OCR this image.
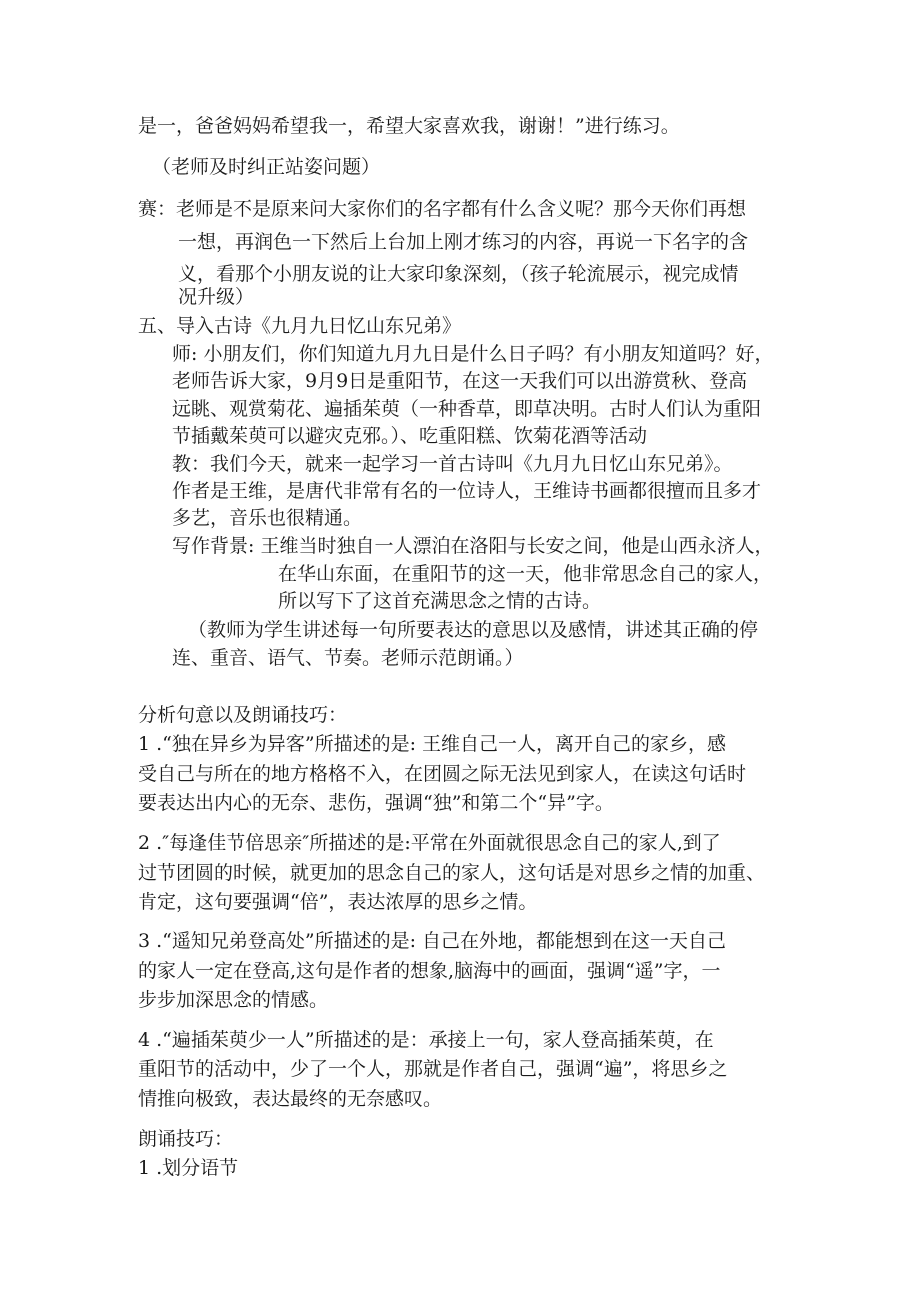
是一，爸爸妈妈希望我一，希望大家喜欢我，谢谢！”进行练习。
（老师及时纠正站姿问题）
赛：老师是不是原来问大家你们的名字都有什么含义呢？那今天你们再想
一想，再润色一下然后上台加上刚才练习的内容，再说一下名字的含
义，看那个小朋友说的让大家印象深刻，（孩子轮流展示，视完成情
况升级）
五、导入古诗《九月九日忆山东兄弟》
师: 小朋友们，你们知道九月九日是什么日子吗？有小朋友知道吗？好，
老师告诉大家，9月9日是重阳节，在这一天我们可以出游赏秋、登高
远眺、观赏菊花、遍插茱萸（一种香草，即草决明。古时人们认为重阳
节插戴茱萸可以避灾克邪。）、吃重阳糕、饮菊花酒等活动
教：我们今天，就来一起学习一首古诗叫《九月九日忆山东兄弟》。
作者是王维，是唐代非常有名的一位诗人，王维诗书画都很擅而且多才
多艺，音乐也很精通。
写作背景: 王维当时独自一人漂泊在洛阳与长安之间，他是山西永济人，
在华山东面，在重阳节的这一天，他非常思念自己的家人，
所以写下了这首充满思念之情的古诗。
（教师为学生讲述每一句所要表达的意思以及感情，讲述其正确的停
连、重音、语气、节奏。老师示范朗诵。）
分析句意以及朗诵技巧：
1 .“独在异乡为异客”所描述的是: 王维自己一人，离开自己的家乡，感
受自己与所在的地方格格不入，在团圆之际无法见到家人，在读这句话时
要表达出内心的无奈、悲伤，强调“独”和第二个“异”字。
2 .″每逢佳节倍思亲″所描述的是:平常在外面就很思念自己的家人,到了
过节团圆的时候，就更加的思念自己的家人，这句话是对思乡之情的加重、
肯定，这句要强调“倍”，表达浓厚的思乡之情。
3 .“遥知兄弟登高处”所描述的是: 自己在外地，都能想到在这一天自己
的家人一定在登高,这句是作者的想象,脑海中的画面，强调“遥”字，一
步步加深思念的情感。
4 .“遍插茱萸少一人”所描述的是：承接上一句，家人登高插茱萸，在
重阳节的活动中，少了一个人，那就是作者自己，强调“遍”，将思乡之
情推向极致，表达最终的无奈感叹。
朗诵技巧：
1 .划分语节
